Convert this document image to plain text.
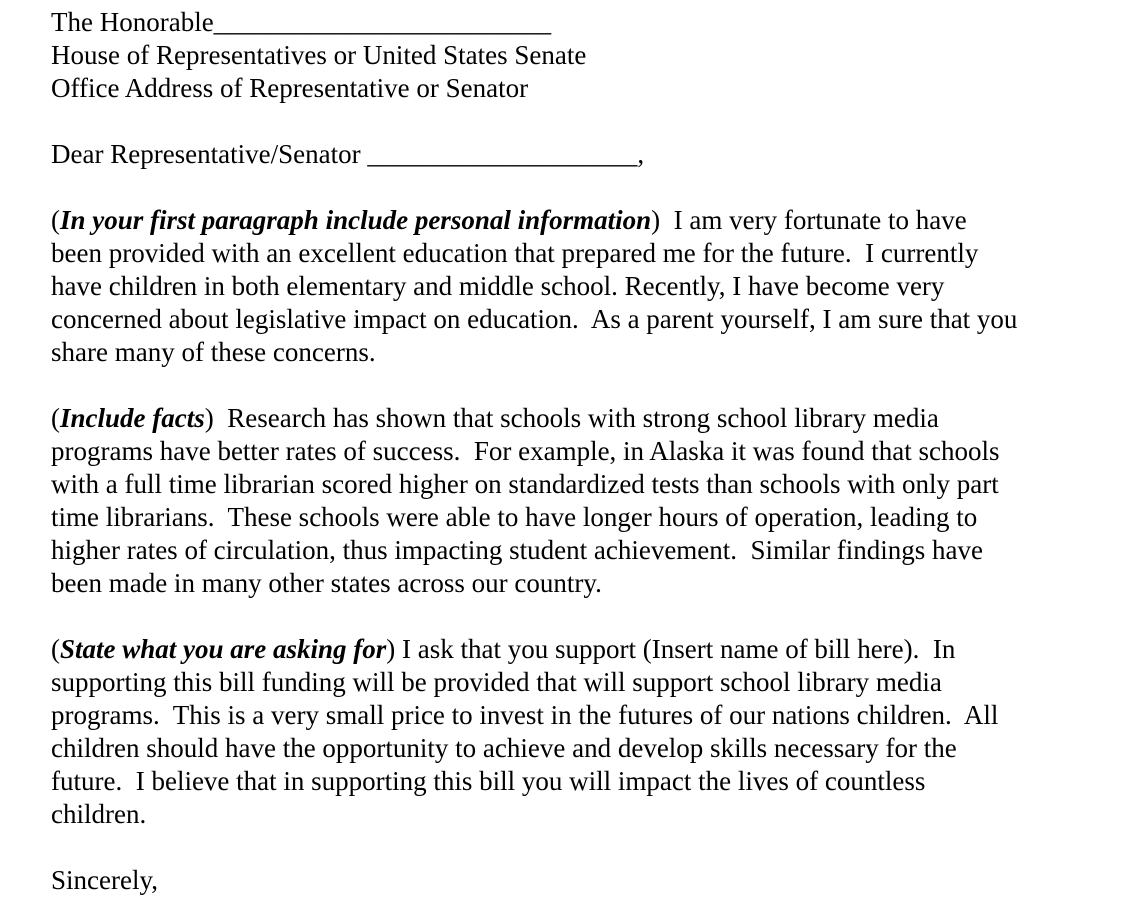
The Honorable_________________________
House of Representatives or United States Senate
Office Address of Representative or Senator
Dear Representative/Senator ____________________,
(In your first paragraph include personal information)  I am very fortunate to have
been provided with an excellent education that prepared me for the future.  I currently
have children in both elementary and middle school. Recently, I have become very
concerned about legislative impact on education.  As a parent yourself, I am sure that you
share many of these concerns.
(Include facts)  Research has shown that schools with strong school library media
programs have better rates of success.  For example, in Alaska it was found that schools
with a full time librarian scored higher on standardized tests than schools with only part
time librarians.  These schools were able to have longer hours of operation, leading to
higher rates of circulation, thus impacting student achievement.  Similar findings have
been made in many other states across our country.
(State what you are asking for) I ask that you support (Insert name of bill here).  In
supporting this bill funding will be provided that will support school library media
programs.  This is a very small price to invest in the futures of our nations children.  All
children should have the opportunity to achieve and develop skills necessary for the
future.  I believe that in supporting this bill you will impact the lives of countless
children.
Sincerely,
